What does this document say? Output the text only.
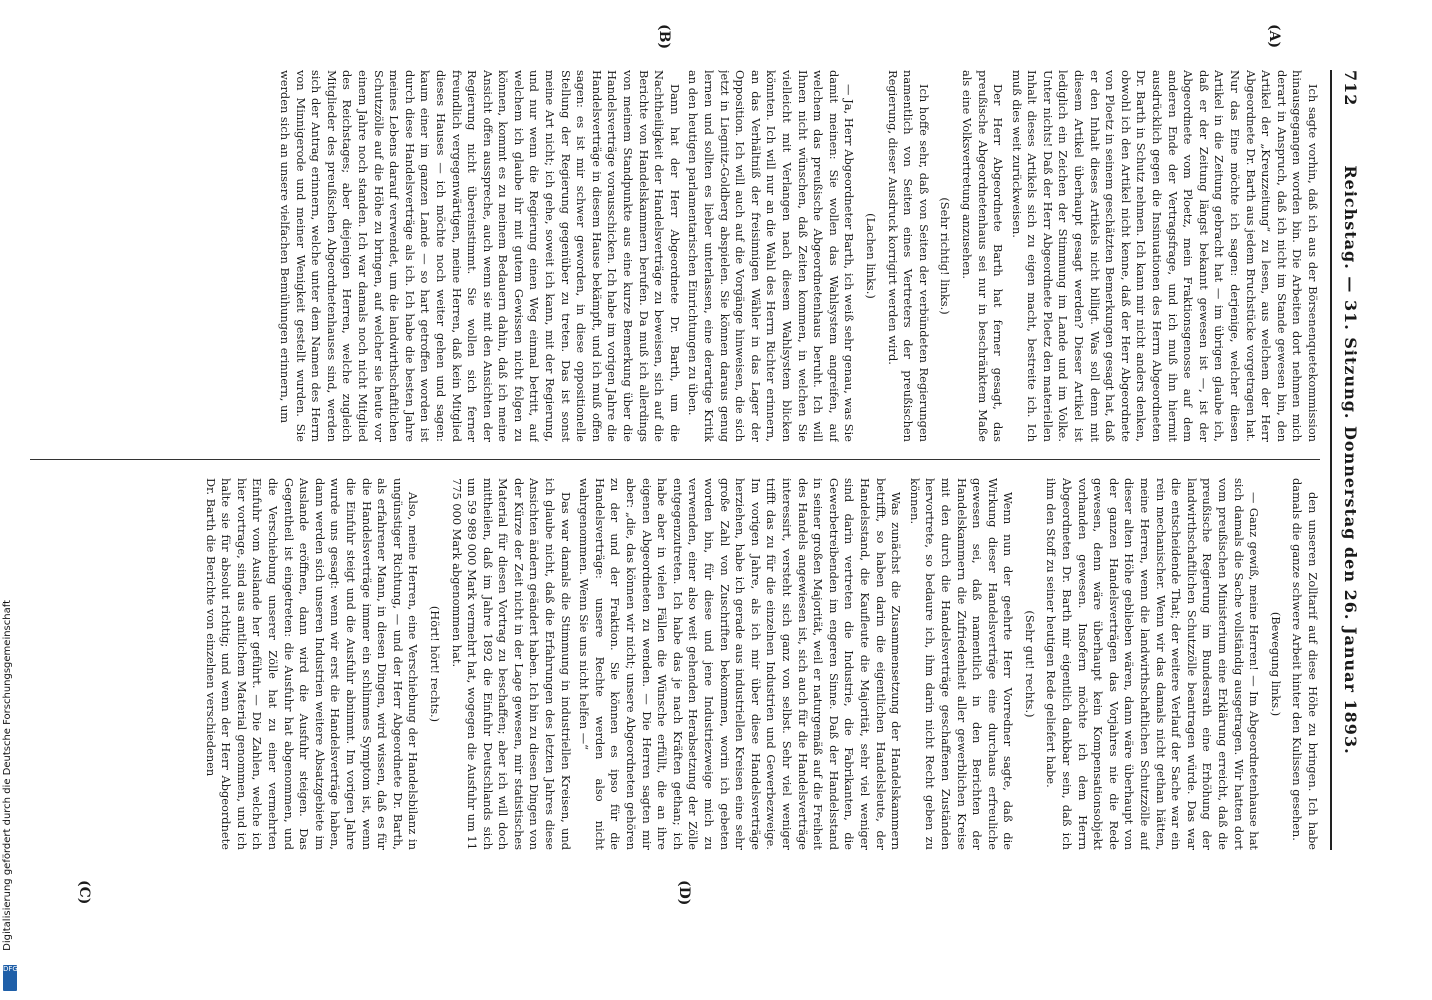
712
Reichstag. — 31. Sitzung. Donnerstag den 26. Januar 1893.
(A)
(B)
(C)	(D)

Ich sagte vorhin, daß ich aus der Börsenenquetekommission hinausgegangen worden bin. Die Arbeiten dort nehmen mich derart in Anspruch, daß ich nicht im Stande gewesen bin, den Artikel der „Kreuzzeitung“ zu lesen, aus welchem der Herr Abgeordnete Dr. Barth aus jedem Bruchstücke vorgetragen hat. Nur das Eine möchte ich sagen: derjenige, welcher diesen Artikel in die Zeitung gebracht hat — im übrigen glaube ich, daß er der Zeitung längst bekannt gewesen ist —, ist der Abgeordnete vom Ploetz, mein Fraktionsgenosse auf dem anderen Ende der Vertragsfrage, und ich muß ihn hiermit ausdrücklich gegen die Insinuationen des Herrn Abgeordneten Dr. Barth in Schutz nehmen. Ich kann mir nicht anders denken, obwohl ich den Artikel nicht kenne, daß der Herr Abgeordnete von Ploetz in seinem geschätzten Bemerkungen gesagt hat, daß er den Inhalt dieses Artikels nicht billigt. Was soll denn mit diesem Artikel überhaupt gesagt werden? Dieser Artikel ist lediglich ein Zeichen der Stimmung im Lande und im Volke. Unter nichts! Daß der Herr Abgeordnete Ploetz den materiellen Inhalt dieses Artikels sich zu eigen macht, bestreite ich. Ich muß dies weit zurückweisen.

Der Herr Abgeordnete Barth hat ferner gesagt, das preußische Abgeordnetenhaus sei nur in beschränktem Maße als eine Volksvertretung anzusehen.

(Sehr richtig! links.)

Ich hoffe sehr, daß von Seiten der verbündeten Regierungen namentlich von Seiten eines Vertreters der preußischen Regierung, dieser Ausdruck korrigirt werden wird.

(Lachen links.)

— Ja, Herr Abgeordneter Barth, ich weiß sehr genau, was Sie damit meinen: Sie wollen das Wahlsystem angreifen, auf welchem das preußische Abgeordnetenhaus beruht. Ich will Ihnen nicht wünschen, daß Zeiten kommen, in welchen Sie vielleicht mit Verlangen nach diesem Wahlsystem blicken könnten. Ich will nur an die Wahl des Herrn Richter erinnern, an das Verhältniß der freisinnigen Wähler in das Lager der Opposition. Ich will auch auf die Vorgänge hinweisen, die sich jetzt in Liegnitz-Goldberg abspielen. Sie können daraus genug lernen und sollten es lieber unterlassen, eine derartige Kritik an den heutigen parlamentarischen Einrichtungen zu üben.

Dann hat der Herr Abgeordnete Dr. Barth, um die Nachtheiligkeit der Handelsverträge zu beweisen, sich auf die Berichte von Handelskammern berufen. Da muß ich allerdings von meinem Standpunkte aus eine kurze Bemerkung über die Handelsverträge vorausschicken. Ich habe im vorigen Jahre die Handelsverträge in diesem Hause bekämpft, und ich muß offen sagen: es ist mir schwer geworden, in diese oppositionelle Stellung der Regierung gegenüber zu treten. Das ist sonst meine Art nicht; ich gehe, soweit ich kann, mit der Regierung, und nur wenn die Regierung einen Weg einmal betritt, auf welchem ich glaube ihr mit gutem Gewissen nicht folgen zu können, kommt es zu meinem Bedauern dahin, daß ich meine Ansicht offen ausspreche, auch wenn sie mit den Ansichten der Regierung nicht übereinstimmt. Sie wollen sich ferner freundlich vergegenwärtigen, meine Herren, daß kein Mitglied dieses Hauses — ich möchte noch weiter gehen und sagen: kaum einer im ganzen Lande — so hart getroffen worden ist durch diese Handelsverträge als ich. Ich habe die besten Jahre meines Lebens darauf verwendet, um die landwirthschaftlichen Schutzzölle auf die Höhe zu bringen, auf welcher sie heute vor einem Jahre noch standen. Ich war damals noch nicht Mitglied des Reichstages; aber diejenigen Herren, welche zugleich Mitglieder des preußischen Abgeordnetenhauses sind, werden sich der Antrag erinnern, welche unter dem Namen des Herrn von Minnigerode und meiner Wenigkeit gestellt wurden. Sie werden sich an unsere vielfachen Bemühungen erinnern, um

den unseren Zolltarif auf diese Höhe zu bringen. Ich habe damals die ganze schwere Arbeit hinter den Kulissen gesehen.

(Bewegung links.)

— Ganz gewiß, meine Herren! — Im Abgeordnetenhause hat sich damals die Sache vollständig ausgetragen. Wir hatten dort vom preußischen Ministerium eine Erklärung erreicht, daß die preußische Regierung im Bundesrath eine Erhöhung der landwirthschaftlichen Schutzzölle beantragen würde. Das war die entscheidende That; der weitere Verlauf der Sache war ein rein mechanischer. Wenn wir das damals nicht gethan hätten, meine Herren, wenn die landwirthschaftlichen Schutzzölle auf dieser alten Höhe geblieben wären, dann wäre überhaupt von der ganzen Handelsverträgen das Vorjahres nie die Rede gewesen, denn wäre überhaupt kein Kompensationsobjekt vorhanden gewesen. Insofern möchte ich dem Herrn Abgeordneten Dr. Barth mir eigentlich dankbar sein, daß ich ihm den Stoff zu seiner heutigen Rede geliefert habe.

(Sehr gut! rechts.)

Wenn nun der geehrte Herr Vorredner sagte, daß die Wirkung dieser Handelsverträge eine durchaus erfreuliche gewesen sei, daß namentlich in den Berichten der Handelskammern die Zufriedenheit aller gewerblichen Kreise mit den durch die Handelsverträge geschaffenen Zuständen hervortrete, so bedaure ich, ihm darin nicht Recht geben zu können.

Was zunächst die Zusammensetzung der Handelskammern betrifft, so haben darin die eigentlichen Handelsleute, der Handelsstand, die Kaufleute die Majorität, sehr viel weniger sind darin vertreten die Industrie, die Fabrikanten, die Gewerbetreibenden im engeren Sinne. Daß der Handelsstand in seiner großen Majorität, weil er naturgemäß auf die Freiheit des Handels angewiesen ist, sich auch für die Handelsverträge interessirt, versteht sich ganz von selbst. Sehr viel weniger trifft das zu für die einzelnen Industrien und Gewerbezweige. Im vorigen Jahre, als ich mir über diese Handelsverträge herziehen, habe ich gerade aus industriellen Kreisen eine sehr große Zahl von Zuschriften bekommen, worin ich gebeten worden bin, für diese und jene Industriezweige mich zu verwenden, einer also weit gehenden Herabsetzung der Zölle entgegenzutreten. Ich habe das je nach Kräften gethan; ich habe aber in vielen Fällen die Wünsche erfüllt, die an ihre eigenen Abgeordneten zu wenden. — Die Herren sagten mir aber: „die, das können wir nicht; unsere Abgeordneten gehören zu der und der Fraktion. Sie können es ipso für die Handelsverträge: unsere Rechte werden also nicht wahrgenommen. Wenn Sie uns nicht helfen —“

Das war damals die Stimmung in industriellen Kreisen, und ich glaube nicht, daß die Erfahrungen des letzten Jahres diese Ansichten ändern geändert haben. Ich bin zu diesen Dingen von der Kürze der Zeit nicht in der Lage gewesen, mir statistisches Material für diesen Vortrag zu beschaffen; aber ich will doch mittheilen, daß im Jahre 1892 die Einfuhr Deutschlands sich um 59 989 000 Mark vermehrt hat, wogegen die Ausfuhr um 11 775 000 Mark abgenommen hat.

(Hört! hört! rechts.)

Also, meine Herren, eine Verschiebung der Handelsbilanz in ungünstiger Richtung, — und der Herr Abgeordnete Dr. Barth, als erfahrener Mann, in diesen Dingen, wird wissen, daß es für die Handelsverträge immer ein schlimmes Symptom ist, wenn die Einfuhr steigt und die Ausfuhr abnimmt. Im vorigen Jahre wurde uns gesagt: wenn wir erst die Handelsverträge haben, dann werden sich unseren Industrien weitere Absatzgebiete im Auslande eröffnen, dann wird die Ausfuhr steigen. Das Gegentheil ist eingetreten: die Ausfuhr hat abgenommen, und die Verschiebung unserer Zölle hat zu einer vermehrten Einfuhr vom Auslande her geführt. — Die Zahlen, welche ich hier vortrage, sind aus amtlichem Material genommen, und ich halte sie für absolut richtig; und wenn der Herr Abgeordnete Dr. Barth die Berichte von einzelnen verschiedenen

Digitalisierung gefördert durch die Deutsche Forschungsgemeinschaft
DFG
